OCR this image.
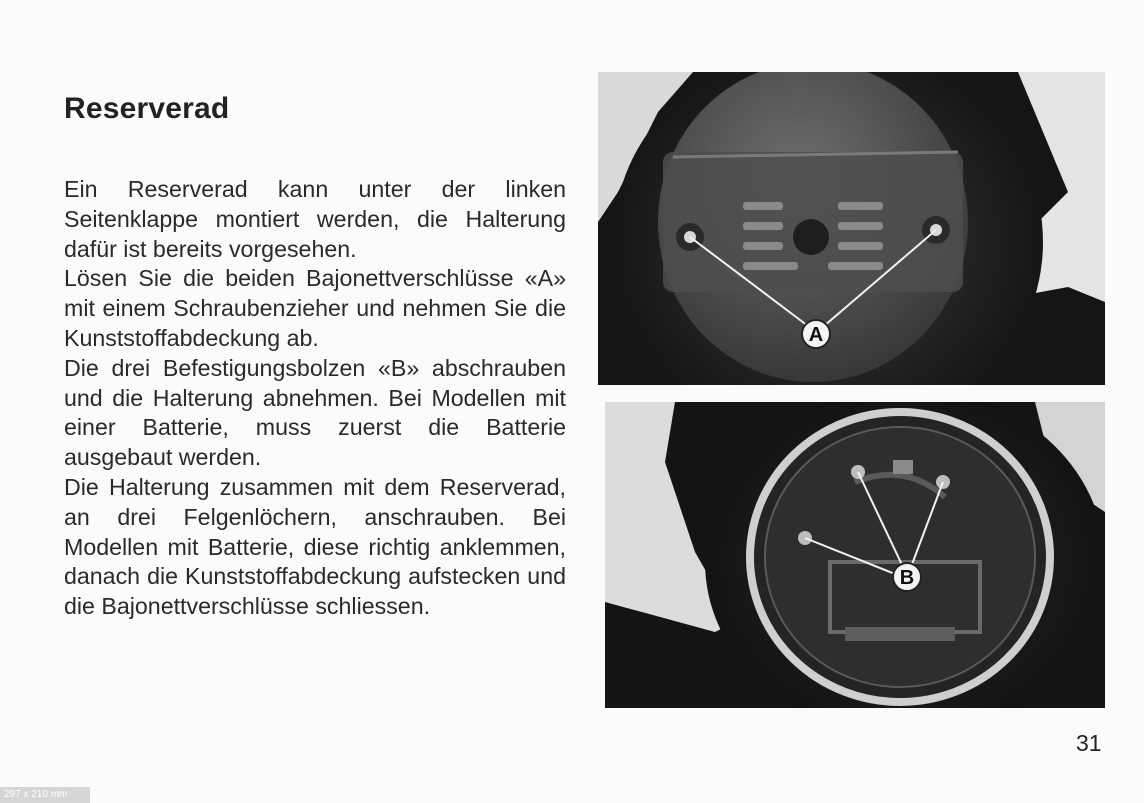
Reserverad

Ein Reserverad kann unter der linken Seitenklappe montiert werden, die Halterung dafür ist bereits vorgesehen.

Lösen Sie die beiden Bajonettverschlüsse «A» mit einem Schraubenzieher und nehmen Sie die Kunststoffabdeckung ab.

Die drei Befestigungsbolzen «B» abschrauben und die Halterung abnehmen. Bei Modellen mit einer Batterie, muss zuerst die Batterie ausgebaut werden.

Die Halterung zusammen mit dem Reserverad, an drei Felgenlöchern, anschrauben. Bei Modellen mit Batterie, diese richtig anklemmen, danach die Kunststoffabdeckung aufstecken und die Bajonettverschlüsse schliessen.

A
B
31
297 x 210 mm
